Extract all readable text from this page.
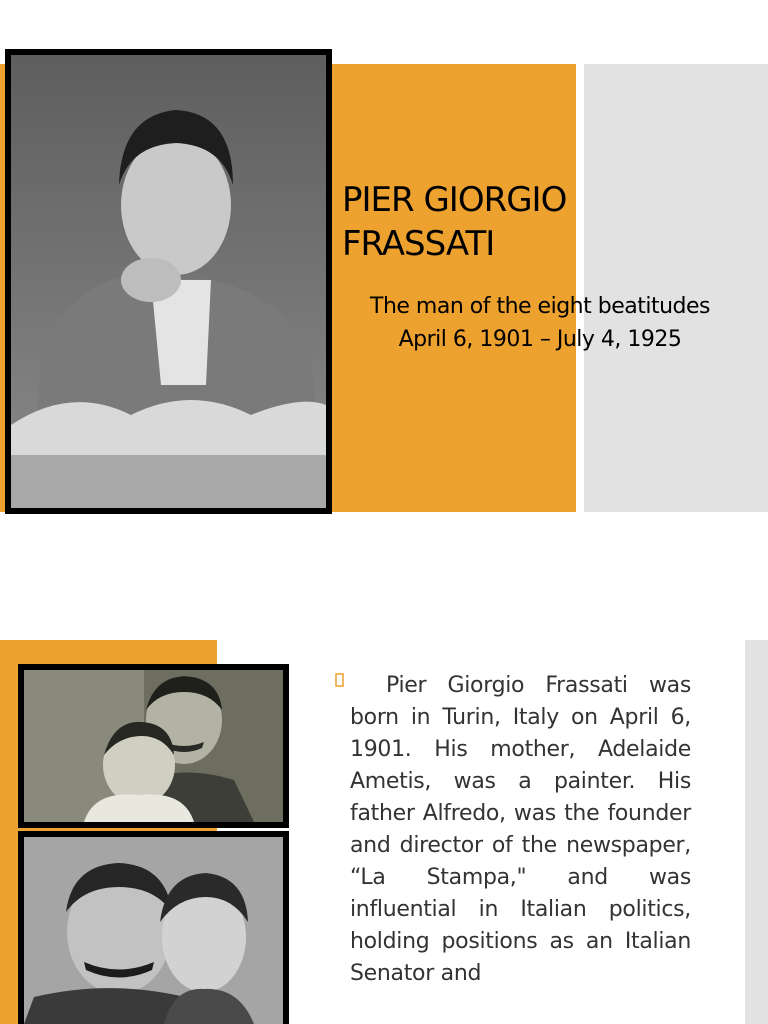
PIER GIORGIO
FRASSATI
The man of the eight beatitudes
April 6, 1901 – July 4, 1925
Pier Giorgio Frassati was born in Turin, Italy on April 6, 1901. His mother, Adelaide Ametis, was a painter. His father Alfredo, was the founder and director of the newspaper, “La Stampa," and was influential in Italian politics, holding positions as an Italian Senator and
